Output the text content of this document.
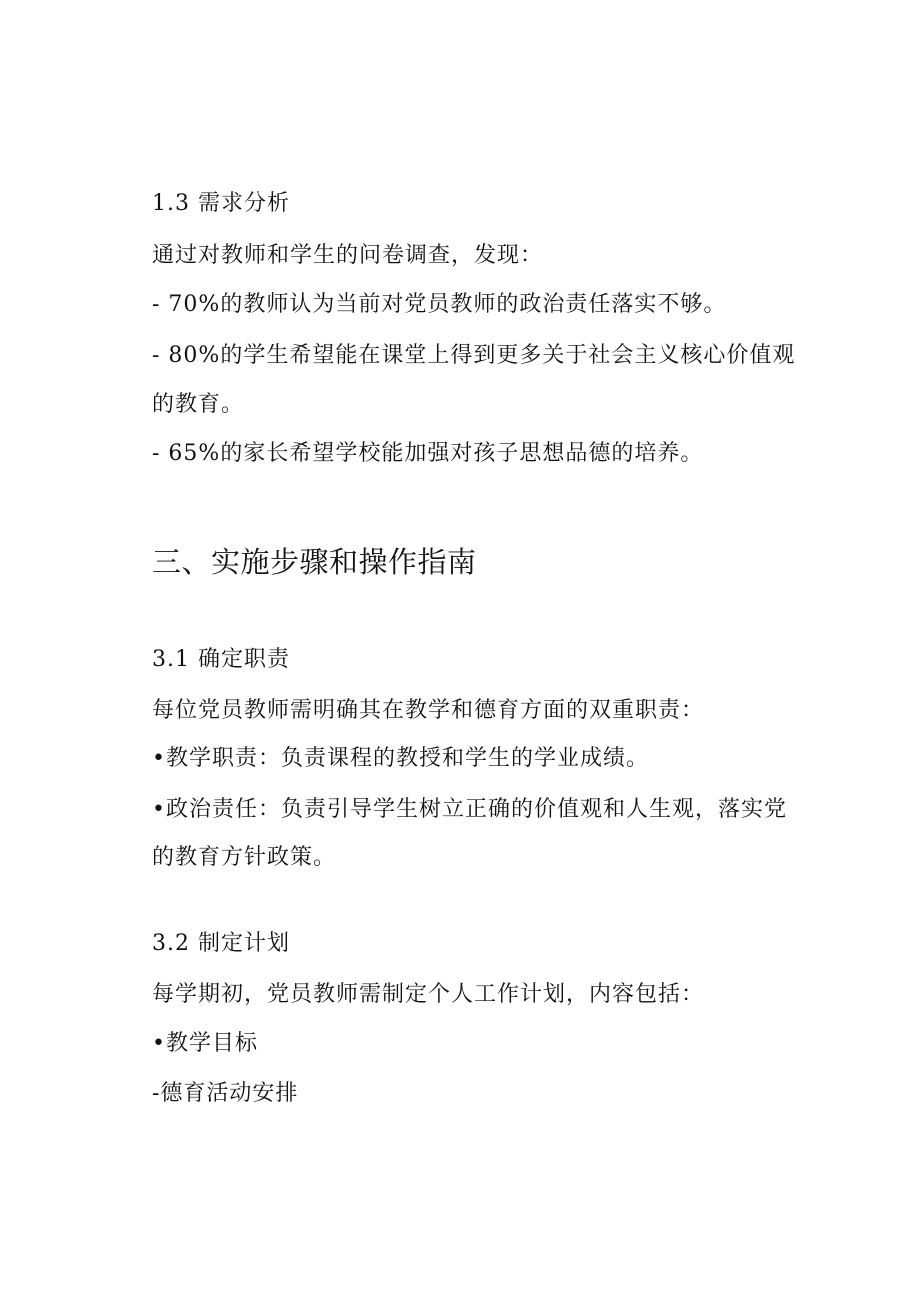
1.3 需求分析
通过对教师和学生的问卷调查，发现：
- 70%的教师认为当前对党员教师的政治责任落实不够。
- 80%的学生希望能在课堂上得到更多关于社会主义核心价值观
的教育。
- 65%的家长希望学校能加强对孩子思想品德的培养。
三、实施步骤和操作指南
3.1 确定职责
每位党员教师需明确其在教学和德育方面的双重职责：
•教学职责：负责课程的教授和学生的学业成绩。
•政治责任：负责引导学生树立正确的价值观和人生观，落实党
的教育方针政策。
3.2 制定计划
每学期初，党员教师需制定个人工作计划，内容包括：
•教学目标
-德育活动安排
